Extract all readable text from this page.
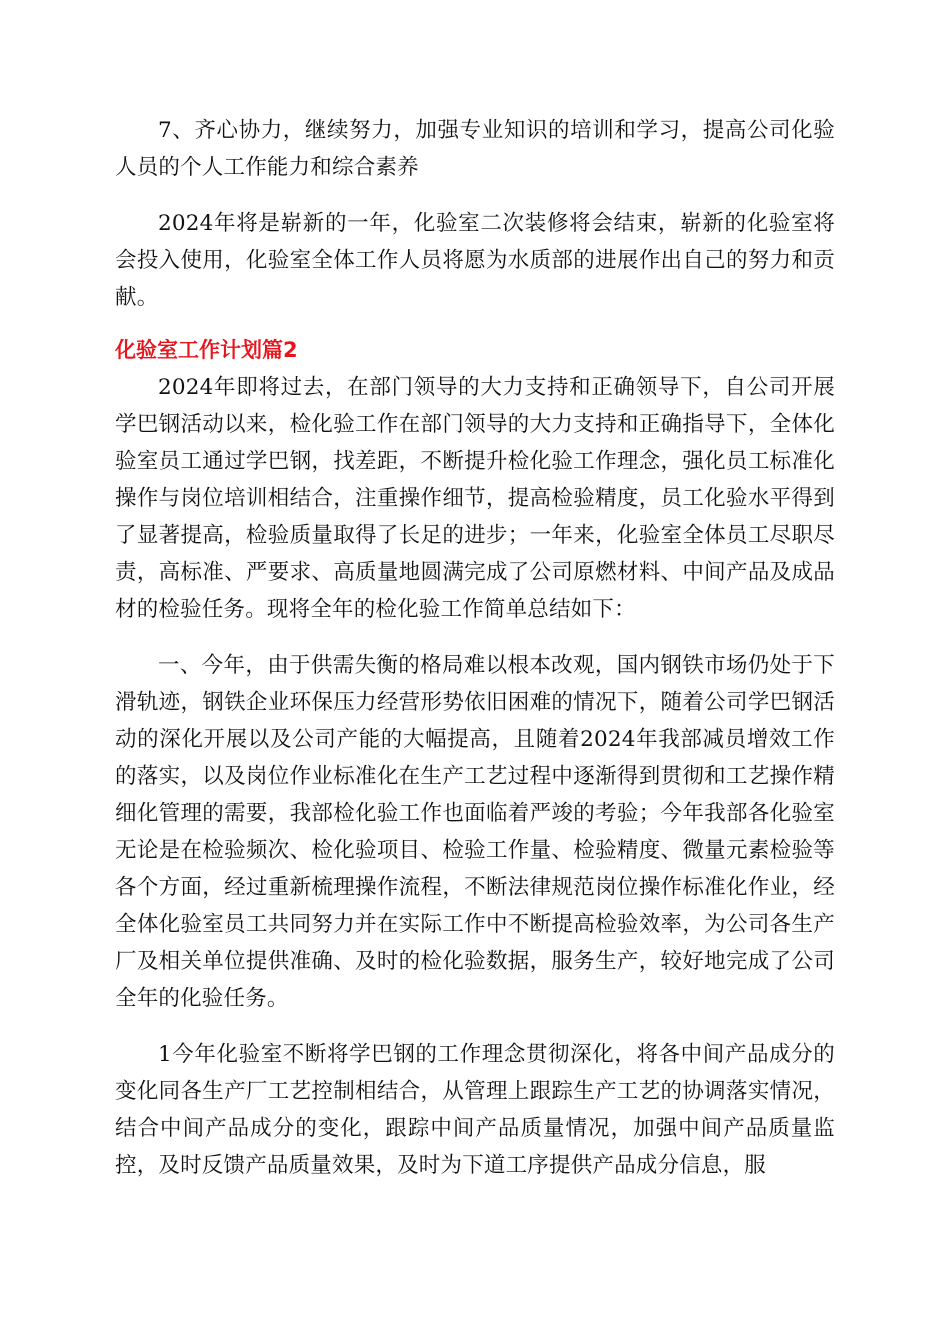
7、齐心协力，继续努力，加强专业知识的培训和学习，提高公司化验人员的个人工作能力和综合素养

2024年将是崭新的一年，化验室二次装修将会结束，崭新的化验室将会投入使用，化验室全体工作人员将愿为水质部的进展作出自己的努力和贡献。

化验室工作计划篇2

2024年即将过去，在部门领导的大力支持和正确领导下，自公司开展学巴钢活动以来，检化验工作在部门领导的大力支持和正确指导下，全体化验室员工通过学巴钢，找差距，不断提升检化验工作理念，强化员工标准化操作与岗位培训相结合，注重操作细节，提高检验精度，员工化验水平得到了显著提高，检验质量取得了长足的进步；一年来，化验室全体员工尽职尽责，高标准、严要求、高质量地圆满完成了公司原燃材料、中间产品及成品材的检验任务。现将全年的检化验工作简单总结如下：

一、今年，由于供需失衡的格局难以根本改观，国内钢铁市场仍处于下滑轨迹，钢铁企业环保压力经营形势依旧困难的情况下，随着公司学巴钢活动的深化开展以及公司产能的大幅提高，且随着2024年我部减员增效工作的落实，以及岗位作业标准化在生产工艺过程中逐渐得到贯彻和工艺操作精细化管理的需要，我部检化验工作也面临着严竣的考验；今年我部各化验室无论是在检验频次、检化验项目、检验工作量、检验精度、微量元素检验等各个方面，经过重新梳理操作流程，不断法律规范岗位操作标准化作业，经全体化验室员工共同努力并在实际工作中不断提高检验效率，为公司各生产厂及相关单位提供准确、及时的检化验数据，服务生产，较好地完成了公司全年的化验任务。

1今年化验室不断将学巴钢的工作理念贯彻深化，将各中间产品成分的变化同各生产厂工艺控制相结合，从管理上跟踪生产工艺的协调落实情况，结合中间产品成分的变化，跟踪中间产品质量情况，加强中间产品质量监控，及时反馈产品质量效果，及时为下道工序提供产品成分信息，服
